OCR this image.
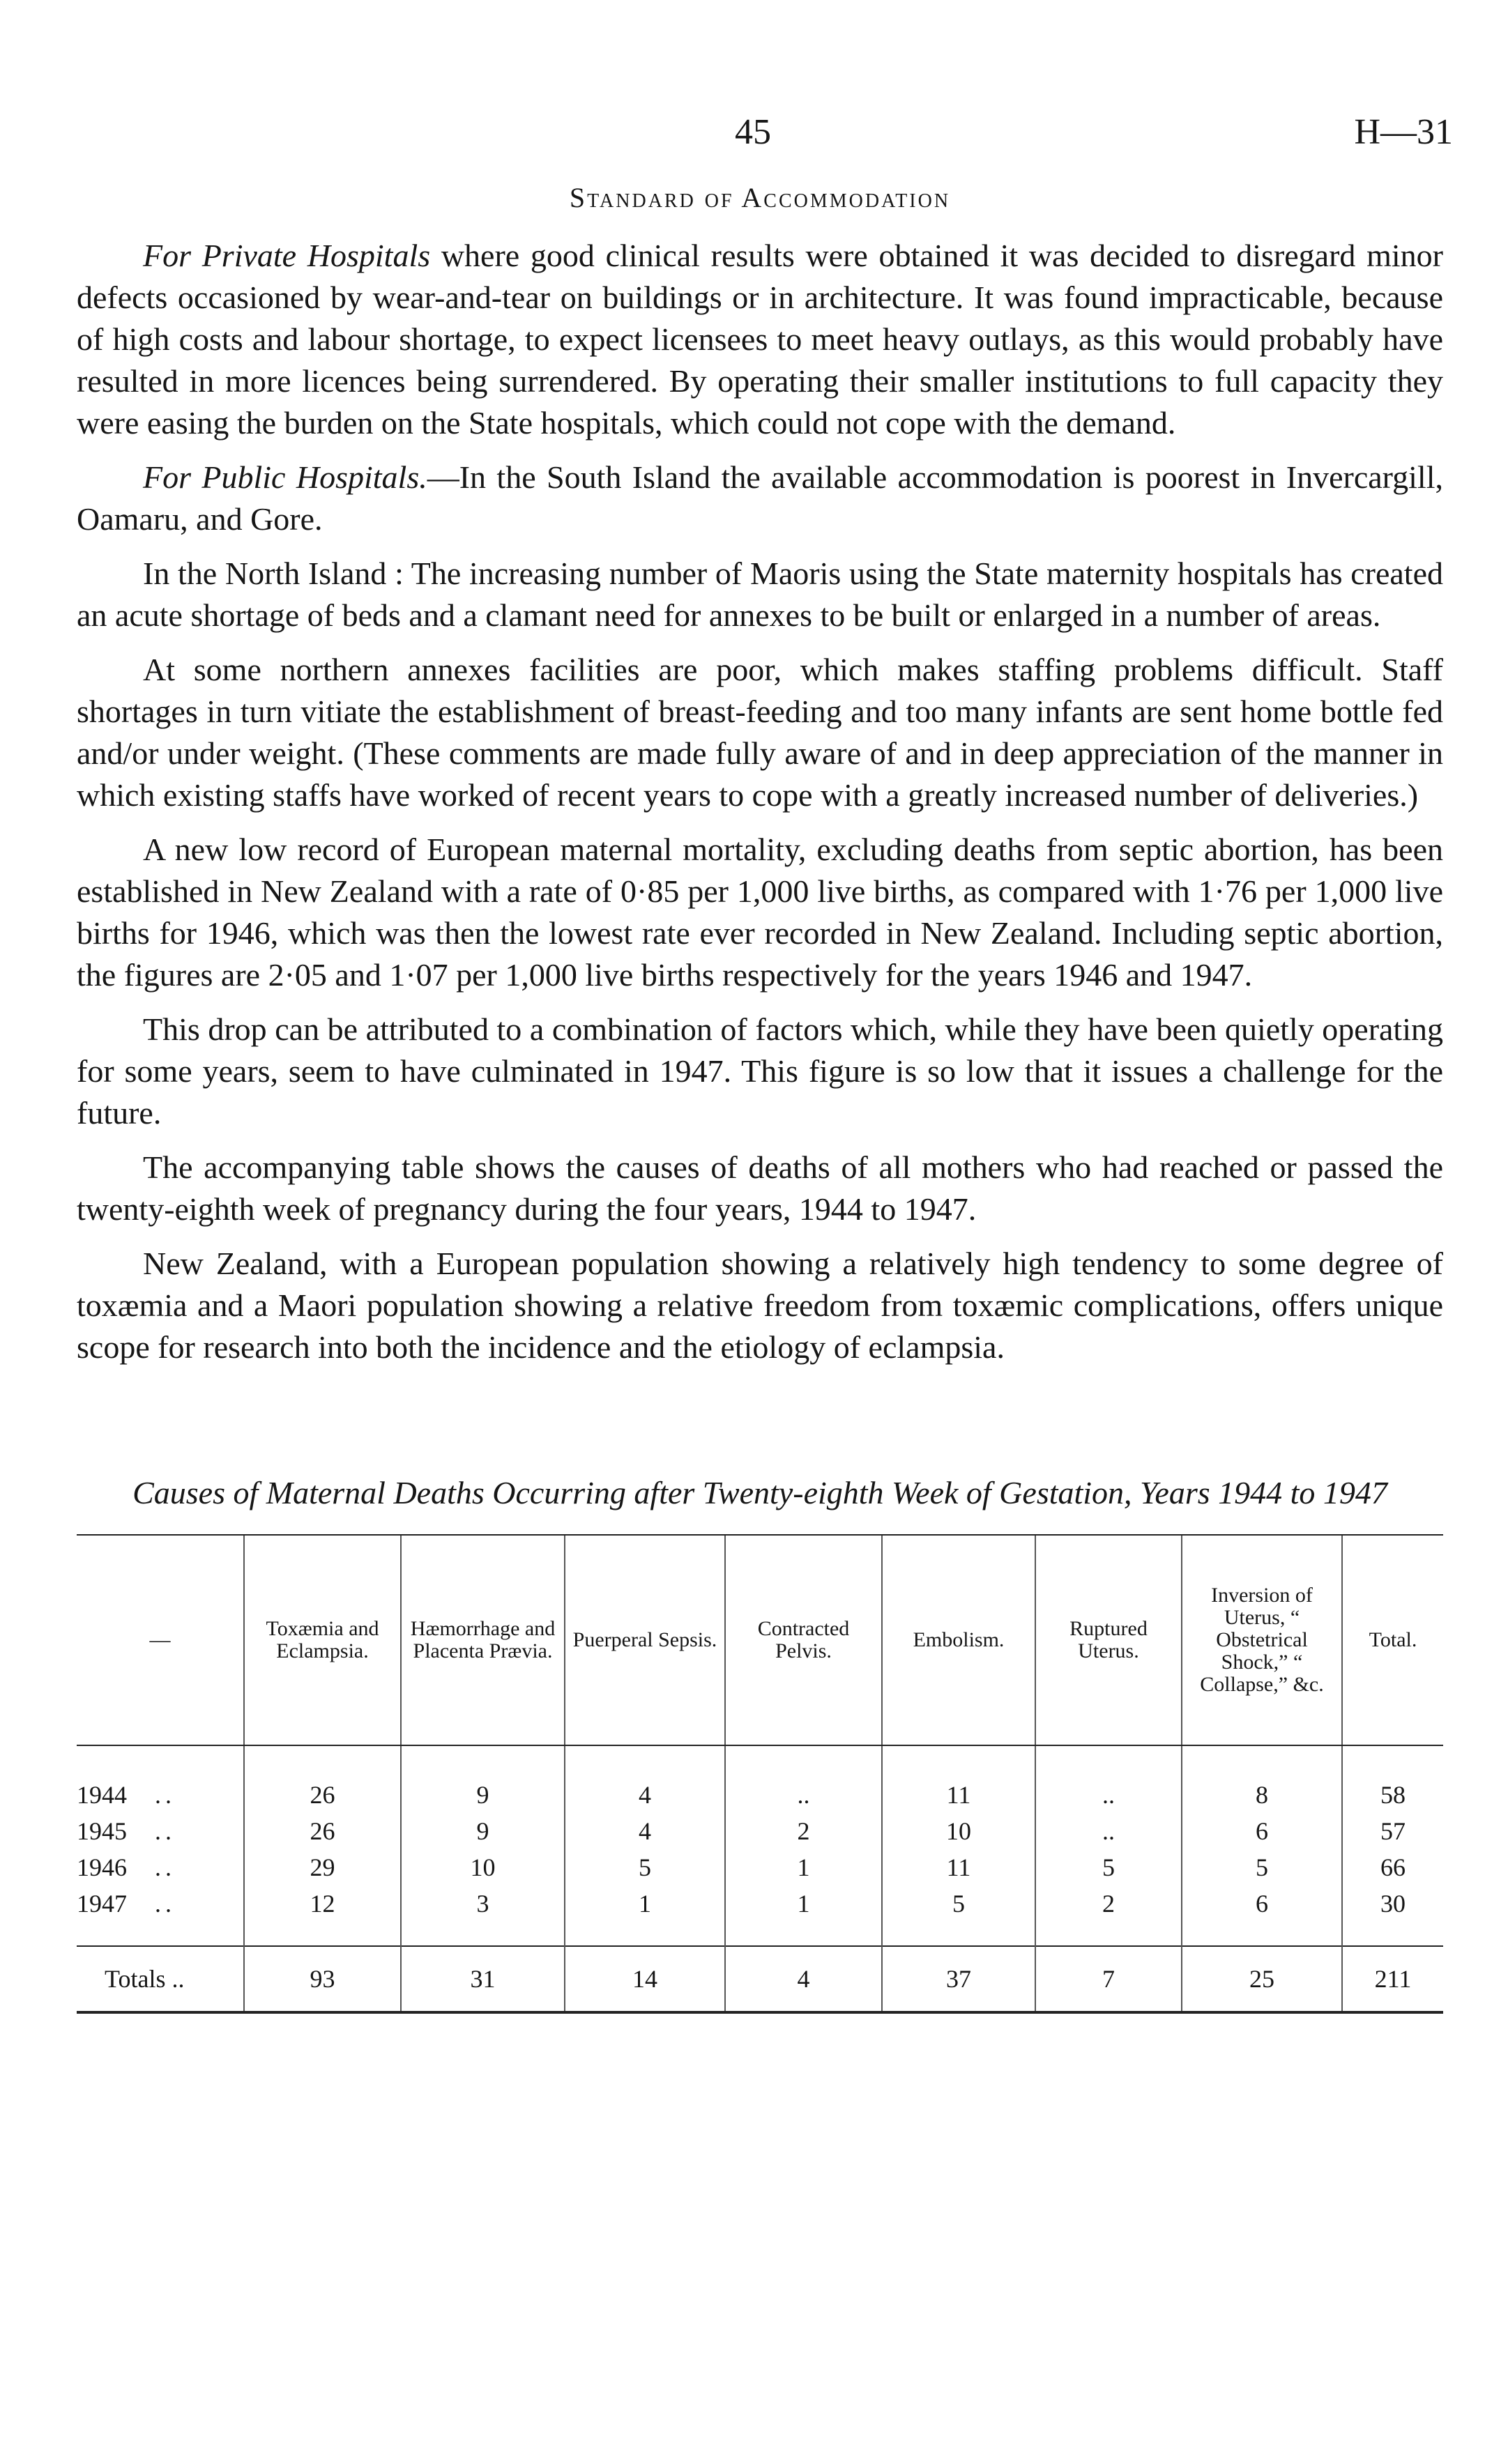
45	H—31
Standard of Accommodation

For Private Hospitals where good clinical results were obtained it was decided to disregard minor defects occasioned by wear-and-tear on buildings or in architecture. It was found impracticable, because of high costs and labour shortage, to expect licensees to meet heavy outlays, as this would probably have resulted in more licences being surrendered. By operating their smaller institutions to full capacity they were easing the burden on the State hospitals, which could not cope with the demand.

For Public Hospitals.—In the South Island the available accommodation is poorest in Invercargill, Oamaru, and Gore.

In the North Island : The increasing number of Maoris using the State maternity hospitals has created an acute shortage of beds and a clamant need for annexes to be built or enlarged in a number of areas.

At some northern annexes facilities are poor, which makes staffing problems difficult. Staff shortages in turn vitiate the establishment of breast-feeding and too many infants are sent home bottle fed and/or under weight. (These comments are made fully aware of and in deep appreciation of the manner in which existing staffs have worked of recent years to cope with a greatly increased number of deliveries.)

A new low record of European maternal mortality, excluding deaths from septic abortion, has been established in New Zealand with a rate of 0·85 per 1,000 live births, as compared with 1·76 per 1,000 live births for 1946, which was then the lowest rate ever recorded in New Zealand. Including septic abortion, the figures are 2·05 and 1·07 per 1,000 live births respectively for the years 1946 and 1947.

This drop can be attributed to a combination of factors which, while they have been quietly operating for some years, seem to have culminated in 1947. This figure is so low that it issues a challenge for the future.

The accompanying table shows the causes of deaths of all mothers who had reached or passed the twenty-eighth week of pregnancy during the four years, 1944 to 1947.

New Zealand, with a European population showing a relatively high tendency to some degree of toxæmia and a Maori population showing a relative freedom from toxæmic complications, offers unique scope for research into both the incidence and the etiology of eclampsia.

Causes of Maternal Deaths Occurring after Twenty-eighth Week of Gestation, Years 1944 to 1947
—	Toxæmia and Eclampsia.	Hæmorrhage and Placenta Prævia.	Puerperal Sepsis.	Contracted Pelvis.	Embolism.	Ruptured Uterus.	Inversion of Uterus, “ Obstetrical Shock,” “ Collapse,” &c.	Total.
1944 ..	26	9	4	..	11	..	8	58
1945 ..	26	9	4	2	10	..	6	57
1946 ..	29	10	5	1	11	5	5	66
1947 ..	12	3	1	1	5	2	6	30
Totals ..	93	31	14	4	37	7	25	211
